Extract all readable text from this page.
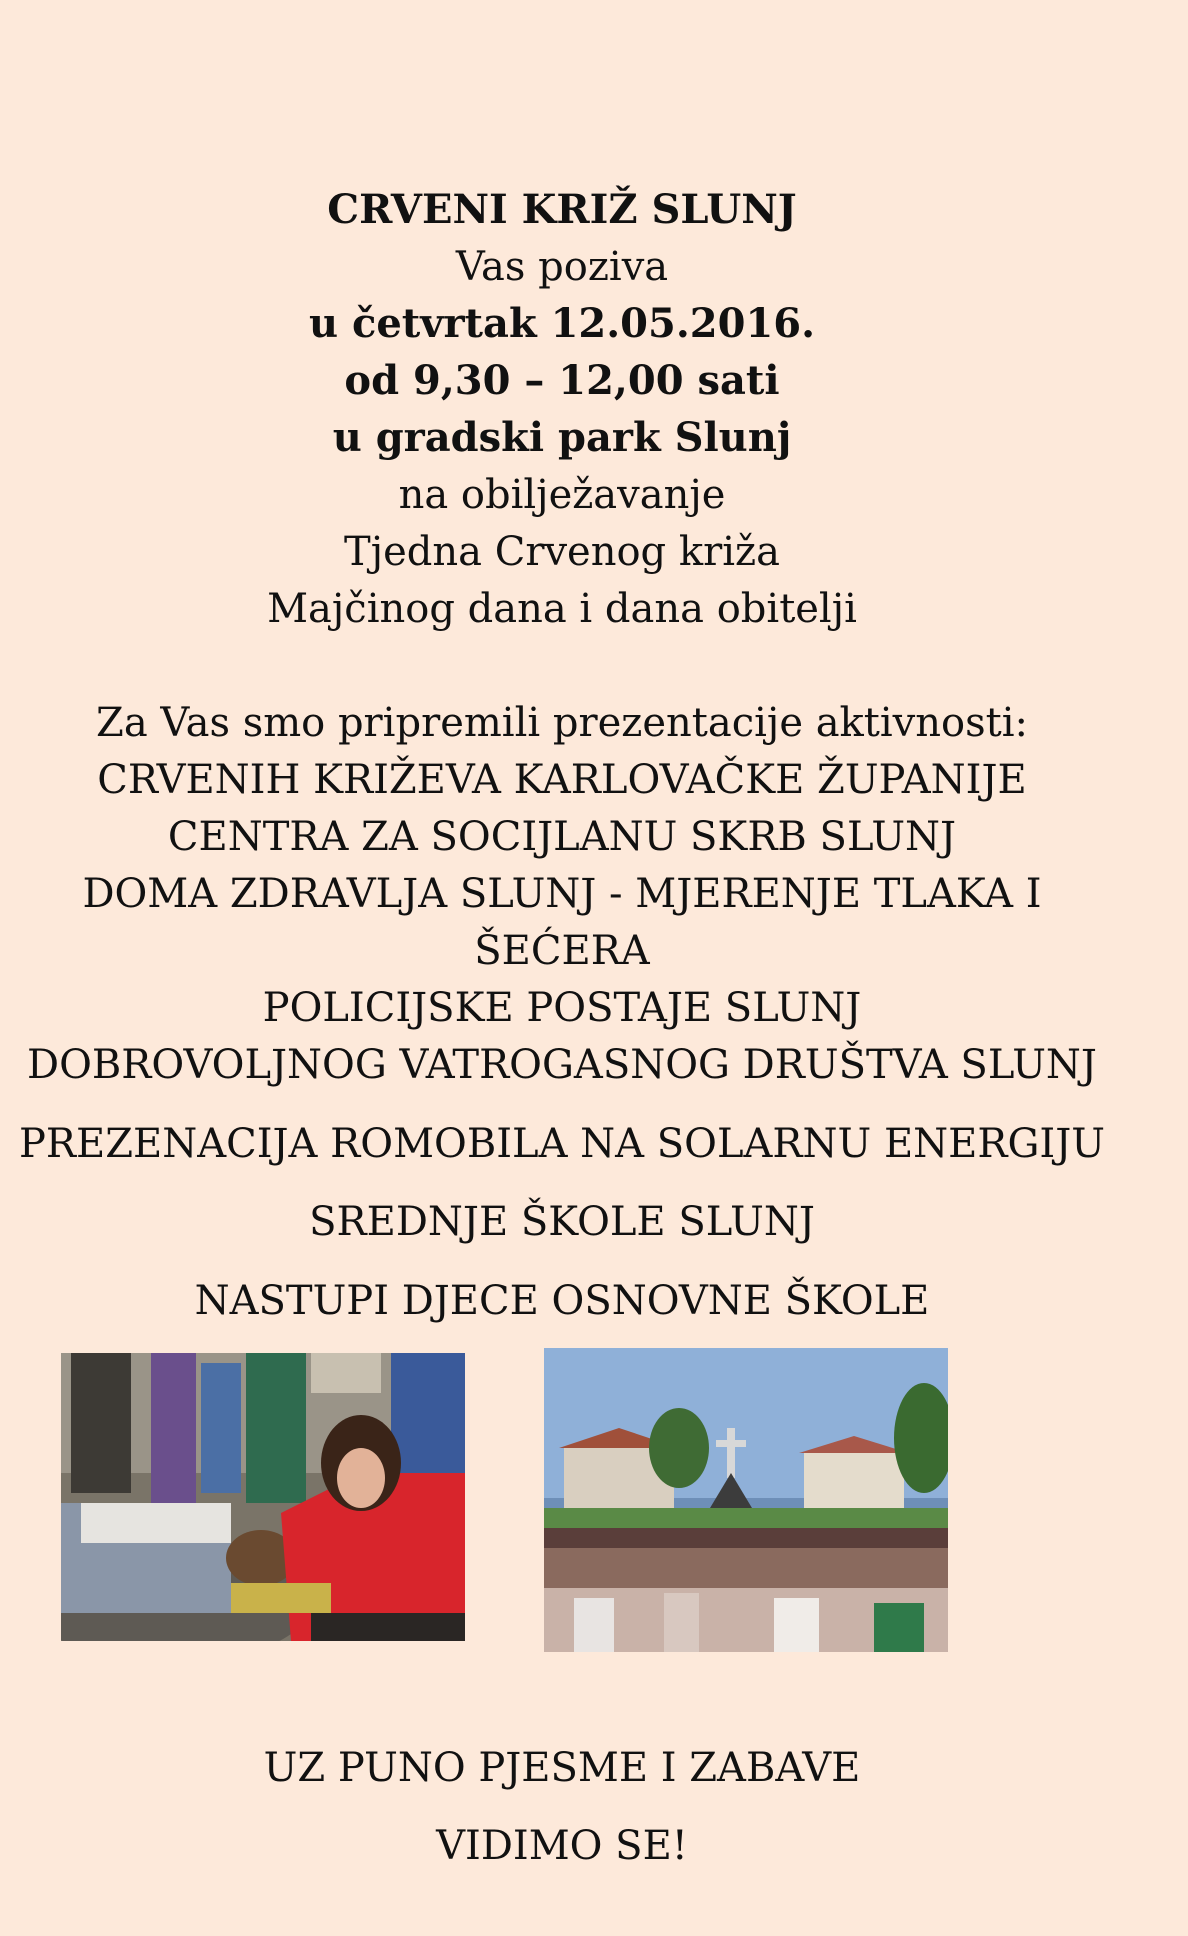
CRVENI KRIŽ SLUNJ
Vas poziva
u četvrtak 12.05.2016.
od 9,30 – 12,00 sati
u gradski park Slunj
na obilježavanje
Tjedna Crvenog križa
Majčinog dana i dana obitelji
Za Vas smo pripremili prezentacije aktivnosti:
CRVENIH KRIŽEVA KARLOVAČKE ŽUPANIJE
CENTRA ZA SOCIJLANU SKRB SLUNJ
DOMA ZDRAVLJA SLUNJ - MJERENJE TLAKA I
ŠEĆERA
POLICIJSKE POSTAJE SLUNJ
DOBROVOLJNOG VATROGASNOG DRUŠTVA SLUNJ
PREZENACIJA ROMOBILA NA SOLARNU ENERGIJU
SREDNJE ŠKOLE SLUNJ
NASTUPI DJECE OSNOVNE ŠKOLE
UZ PUNO PJESME I ZABAVE
VIDIMO SE!
